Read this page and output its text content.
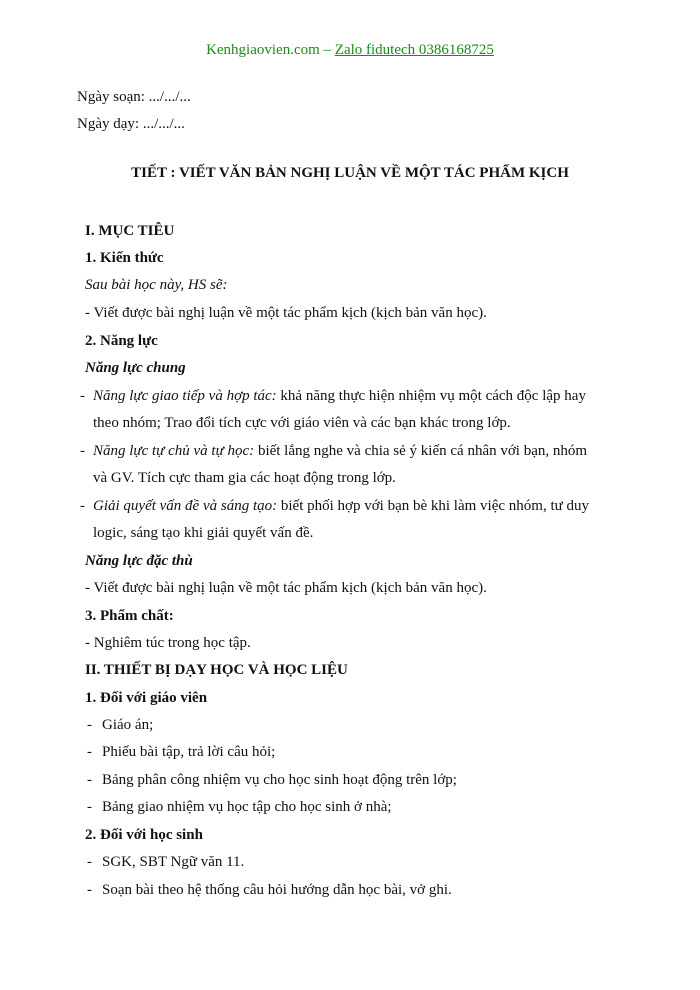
Kenhgiaovien.com – Zalo fidutech 0386168725
Ngày soạn: .../.../...
Ngày dạy: .../.../...
TIẾT : VIẾT VĂN BẢN NGHỊ LUẬN VỀ MỘT TÁC PHẨM KỊCH
I. MỤC TIÊU
1. Kiến thức
Sau bài học này, HS sẽ:
- Viết được bài nghị luận về một tác phẩm kịch (kịch bản văn học).
2. Năng lực
Năng lực chung
- Năng lực giao tiếp và hợp tác: khả năng thực hiện nhiệm vụ một cách độc lập hay
theo nhóm; Trao đổi tích cực với giáo viên và các bạn khác trong lớp.
- Năng lực tự chủ và tự học: biết lắng nghe và chia sẻ ý kiến cá nhân với bạn, nhóm
và GV. Tích cực tham gia các hoạt động trong lớp.
- Giải quyết vấn đề và sáng tạo: biết phối hợp với bạn bè khi làm việc nhóm, tư duy
logic, sáng tạo khi giải quyết vấn đề.
Năng lực đặc thù
- Viết được bài nghị luận về một tác phẩm kịch (kịch bản văn học).
3. Phẩm chất:
- Nghiêm túc trong học tập.
II. THIẾT BỊ DẠY HỌC VÀ HỌC LIỆU
1. Đối với giáo viên
- Giáo án;
- Phiếu bài tập, trả lời câu hỏi;
- Bảng phân công nhiệm vụ cho học sinh hoạt động trên lớp;
- Bảng giao nhiệm vụ học tập cho học sinh ở nhà;
2. Đối với học sinh
- SGK, SBT Ngữ văn 11.
- Soạn bài theo hệ thống câu hỏi hướng dẫn học bài, vở ghi.
